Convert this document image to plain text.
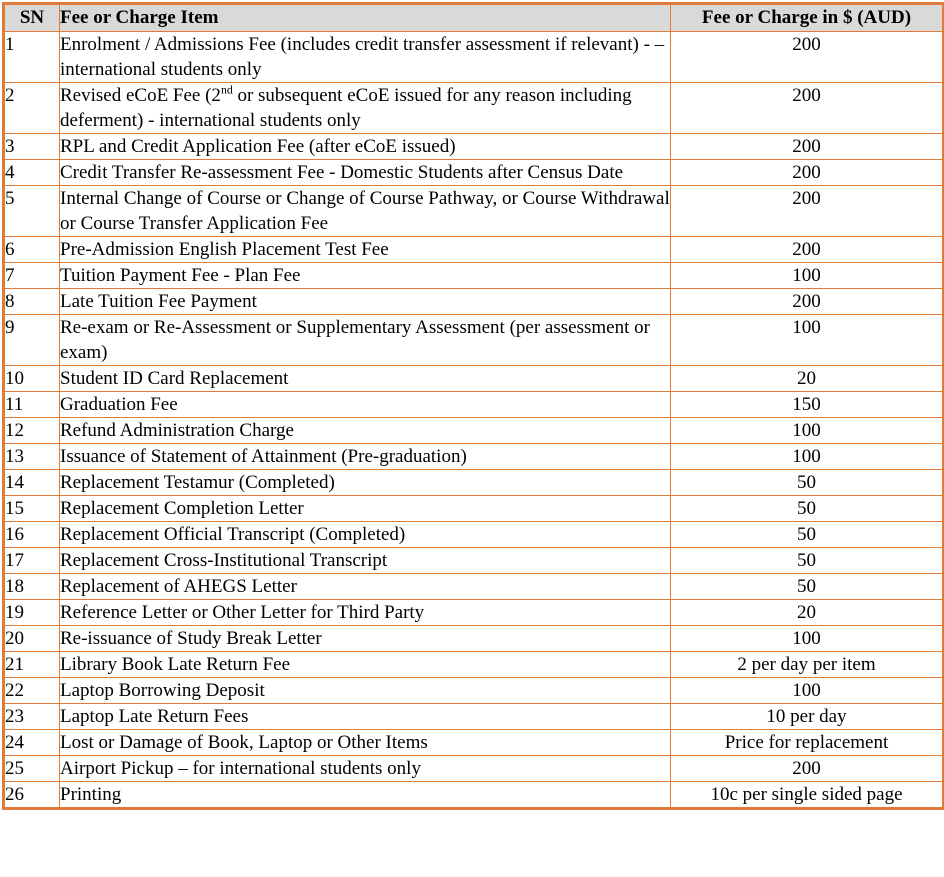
SN	Fee or Charge Item	Fee or Charge in $ (AUD)
1	Enrolment / Admissions Fee (includes credit transfer assessment if relevant) - – international students only	200
2	Revised eCoE Fee (2nd or subsequent eCoE issued for any reason including deferment) - international students only	200
3	RPL and Credit Application Fee (after eCoE issued)	200
4	Credit Transfer Re-assessment Fee - Domestic Students after Census Date	200
5	Internal Change of Course or Change of Course Pathway, or Course Withdrawal or Course Transfer Application Fee	200
6	Pre-Admission English Placement Test Fee	200
7	Tuition Payment Fee - Plan Fee	100
8	Late Tuition Fee Payment	200
9	Re-exam or Re-Assessment or Supplementary Assessment (per assessment or exam)	100
10	Student ID Card Replacement	20
11	Graduation Fee	150
12	Refund Administration Charge	100
13	Issuance of Statement of Attainment (Pre-graduation)	100
14	Replacement Testamur (Completed)	50
15	Replacement Completion Letter	50
16	Replacement Official Transcript (Completed)	50
17	Replacement Cross-Institutional Transcript	50
18	Replacement of AHEGS Letter	50
19	Reference Letter or Other Letter for Third Party	20
20	Re-issuance of Study Break Letter	100
21	Library Book Late Return Fee	2 per day per item
22	Laptop Borrowing Deposit	100
23	Laptop Late Return Fees	10 per day
24	Lost or Damage of Book, Laptop or Other Items	Price for replacement
25	Airport Pickup – for international students only	200
26	Printing	10c per single sided page
